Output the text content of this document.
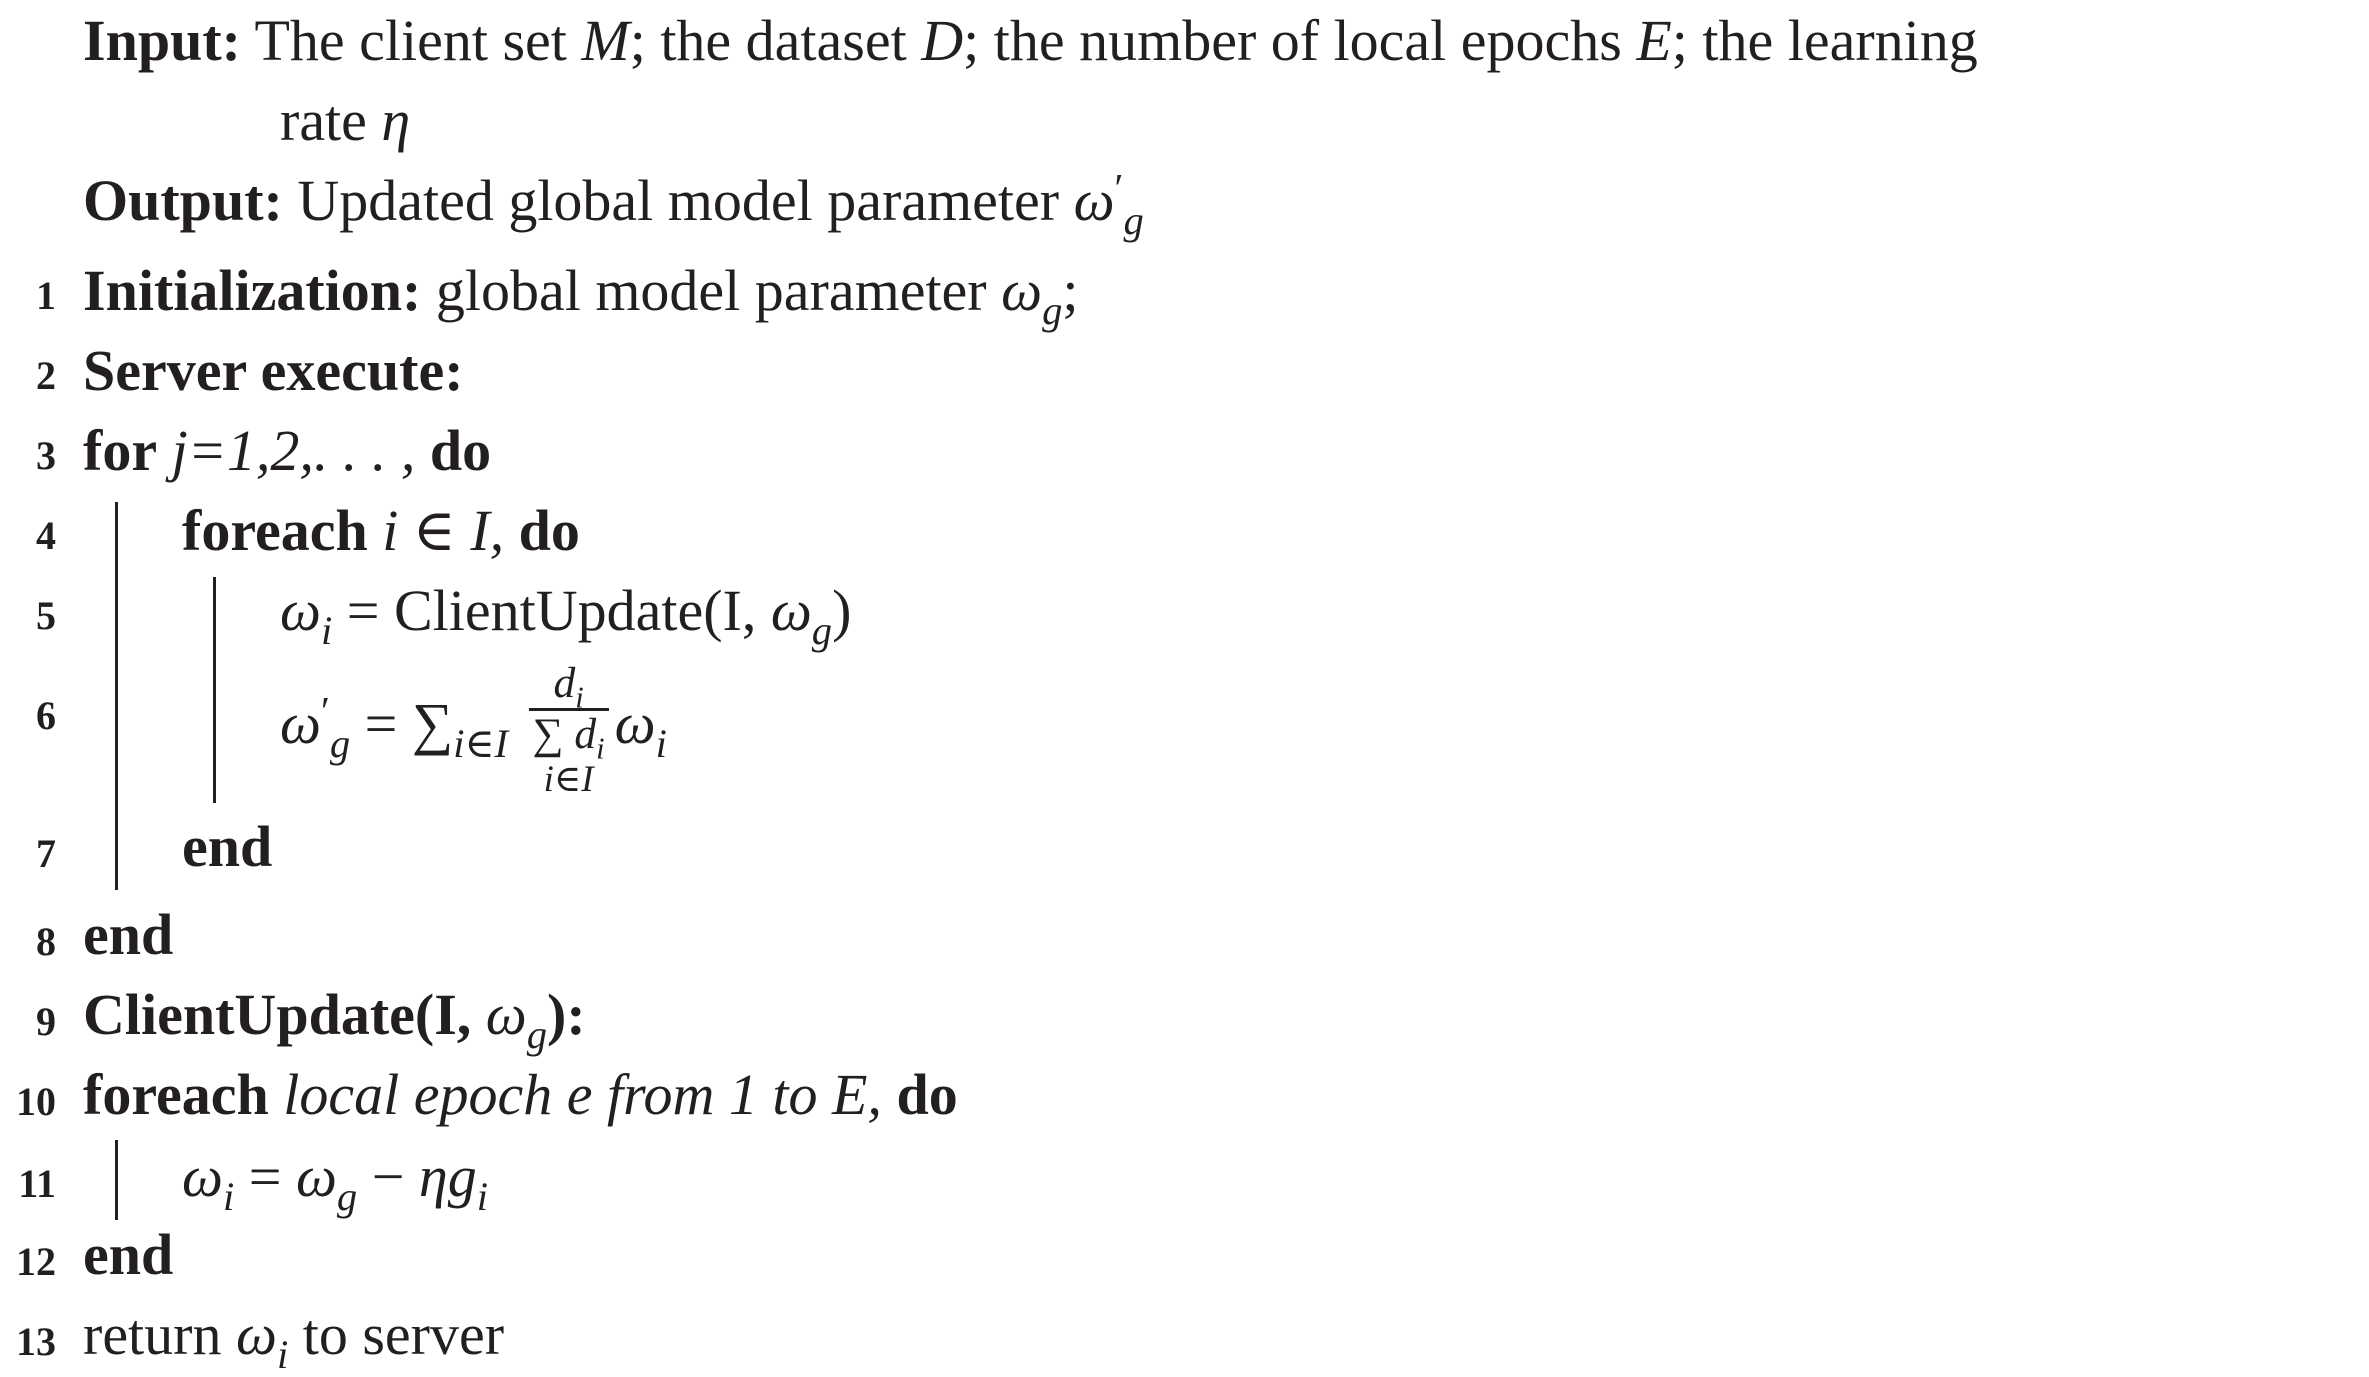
Input: The client set M; the dataset D; the number of local epochs E; the learning
rate η
Output: Updated global model parameter $\omega'_g$
1 Initialization: global model parameter $\omega_g$;
2 Server execute:
3 for j=1,2,. . . , do
4 foreach i ∈ I, do
5	$\omega_i$ = ClientUpdate(I, $\omega_g$)
6	$\omega'_g = \sum_{i\in I}$
$d_i$
∑ $d_i$
i∈I
$\omega_i$
7 end
8 end
9 ClientUpdate(I, $\omega_g$):
10 foreach local epoch e from 1 to E, do
11 $\omega_i = \omega_g - \eta g_i$
12 end
13 return $\omega_i$ to server
